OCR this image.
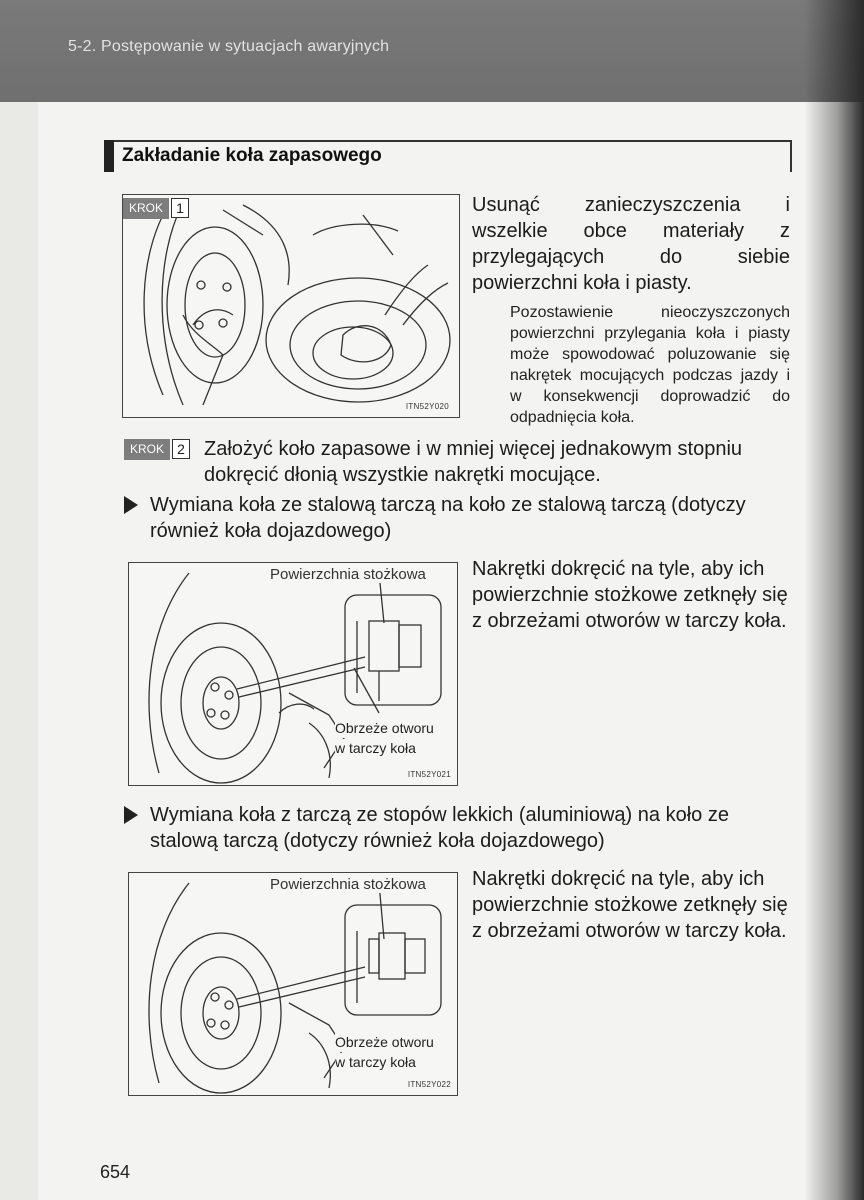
5-2. Postępowanie w sytuacjach awaryjnych
Zakładanie koła zapasowego
KROK 1
ITN52Y020
Usunąć zanieczyszczenia i wszelkie obce materiały z przylegających do siebie powierzchni koła i piasty.
Pozostawienie nieoczyszczonych powierzchni przylegania koła i piasty może spowodować poluzowanie się nakrętek mocujących podczas jazdy i w konsekwencji doprowadzić do odpadnięcia koła.
KROK 2 Założyć koło zapasowe i w mniej więcej jednakowym stopniu dokręcić dłonią wszystkie nakrętki mocujące.
Wymiana koła ze stalową tarczą na koło ze stalową tarczą (dotyczy również koła dojazdowego)
Powierzchnia stożkowa
Obrzeże otworu
w tarczy koła
ITN52Y021
Nakrętki dokręcić na tyle, aby ich powierzchnie stożkowe zetknęły się z obrzeżami otworów w tarczy koła.
Wymiana koła z tarczą ze stopów lekkich (aluminiową) na koło ze stalową tarczą (dotyczy również koła dojazdowego)
Powierzchnia stożkowa
Obrzeże otworu
w tarczy koła
ITN52Y022
Nakrętki dokręcić na tyle, aby ich powierzchnie stożkowe zetknęły się z obrzeżami otworów w tarczy koła.
654
